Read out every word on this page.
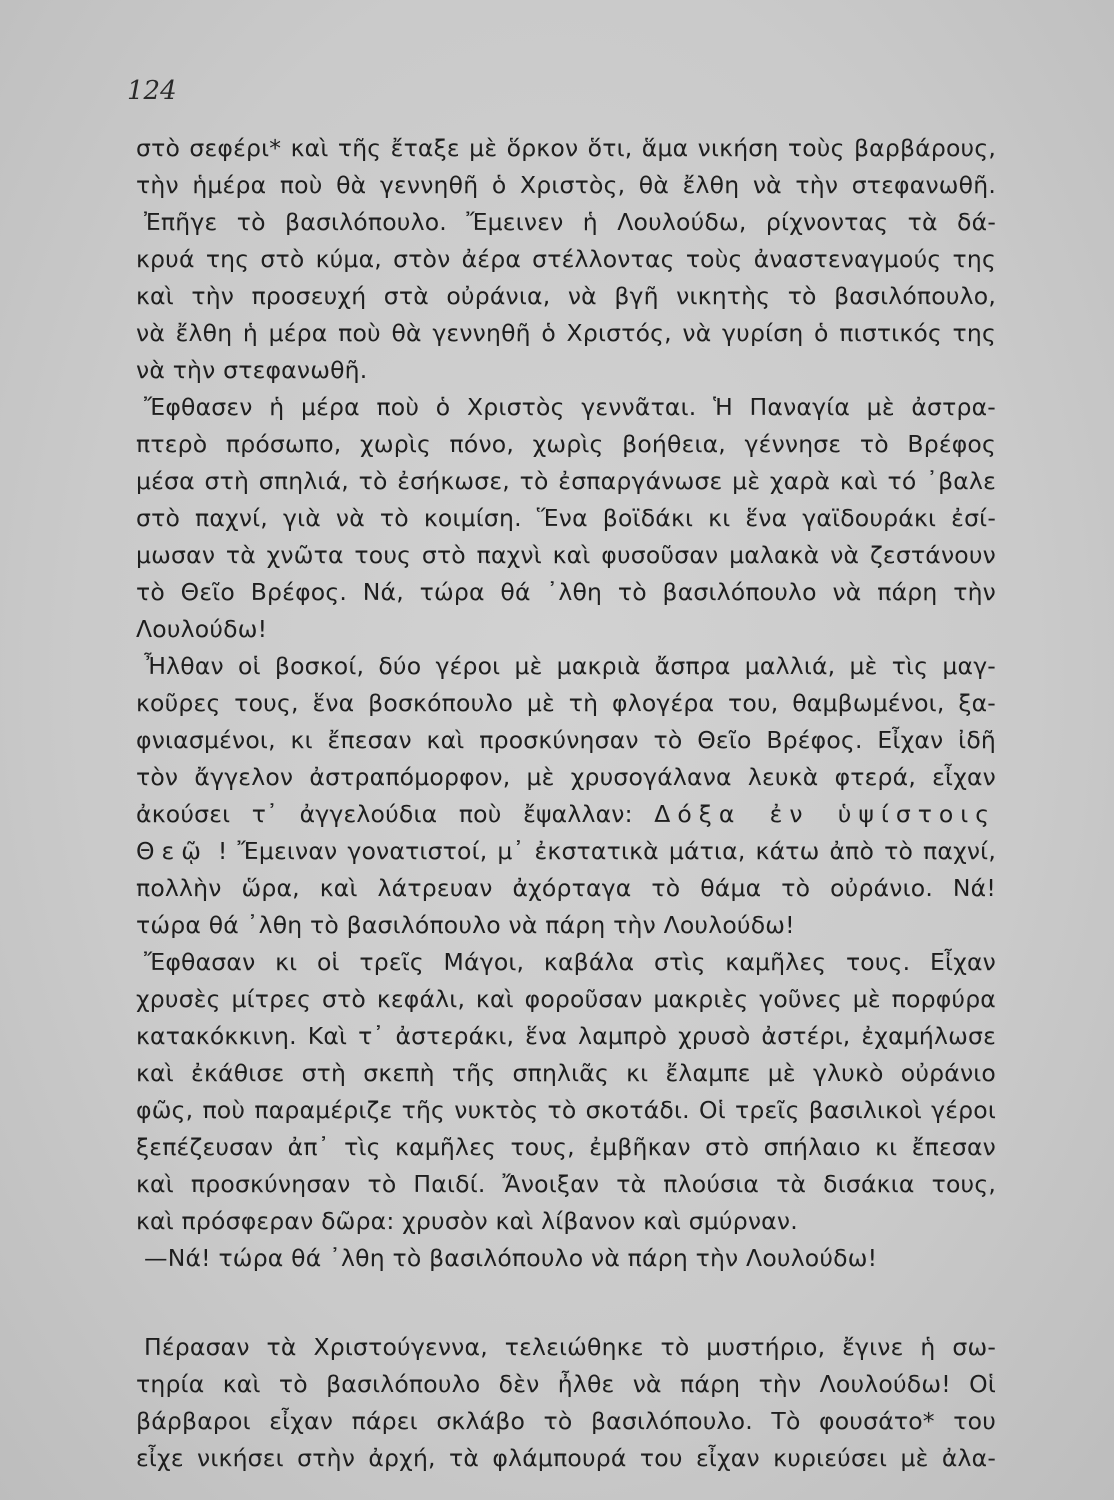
124

στὸ σεφέρι* καὶ τῆς ἔταξε μὲ ὅρκον ὅτι, ἅμα νικήση τοὺς βαρβάρους,
τὴν ἡμέρα ποὺ θὰ γεννηθῆ ὁ Χριστὸς, θὰ ἔλθη νὰ τὴν στεφανωθῆ.
Ἐπῆγε τὸ βασιλόπουλο. Ἔμεινεν ἡ Λουλούδω, ρίχνοντας τὰ δά-
κρυά της στὸ κύμα, στὸν ἀέρα στέλλοντας τοὺς ἀναστεναγμούς της
καὶ τὴν προσευχή στὰ οὐράνια, νὰ βγῆ νικητὴς τὸ βασιλόπουλο,
νὰ ἔλθη ἡ μέρα ποὺ θὰ γεννηθῆ ὁ Χριστός, νὰ γυρίση ὁ πιστικός της
νὰ τὴν στεφανωθῆ.
Ἔφθασεν ἡ μέρα ποὺ ὁ Χριστὸς γεννᾶται. Ἡ Παναγία μὲ ἀστρα-
πτερὸ πρόσωπο, χωρὶς πόνο, χωρὶς βοήθεια, γέννησε τὸ Βρέφος
μέσα στὴ σπηλιά, τὸ ἐσήκωσε, τὸ ἐσπαργάνωσε μὲ χαρὰ καὶ τό ᾽βαλε
στὸ παχνί, γιὰ νὰ τὸ κοιμίση. Ἕνα βοϊδάκι κι ἕνα γαϊδουράκι ἐσί-
μωσαν τὰ χνῶτα τους στὸ παχνὶ καὶ φυσοῦσαν μαλακὰ νὰ ζεστάνουν
τὸ Θεῖο Βρέφος. Νά, τώρα θά ᾽λθη τὸ βασιλόπουλο νὰ πάρη τὴν
Λουλούδω!
Ἦλθαν οἱ βοσκοί, δύο γέροι μὲ μακριὰ ἄσπρα μαλλιά, μὲ τὶς μαγ-
κοῦρες τους, ἕνα βοσκόπουλο μὲ τὴ φλογέρα του, θαμβωμένοι, ξα-
φνιασμένοι, κι ἔπεσαν καὶ προσκύνησαν τὸ Θεῖο Βρέφος. Εἶχαν ἰδῆ
τὸν ἄγγελον ἀστραπόμορφον, μὲ χρυσογάλανα λευκὰ φτερά, εἶχαν
ἀκούσει τ᾽ ἀγγελούδια ποὺ ἔψαλλαν: Δόξα ἐν ὑψίστοις
Θεῷ ! Ἔμειναν γονατιστοί, μ᾽ ἐκστατικὰ μάτια, κάτω ἀπὸ τὸ παχνί,
πολλὴν ὥρα, καὶ λάτρευαν ἀχόρταγα τὸ θάμα τὸ οὐράνιο. Νά!
τώρα θά ᾽λθη τὸ βασιλόπουλο νὰ πάρη τὴν Λουλούδω!
Ἔφθασαν κι οἱ τρεῖς Μάγοι, καβάλα στὶς καμῆλες τους. Εἶχαν
χρυσὲς μίτρες στὸ κεφάλι, καὶ φοροῦσαν μακριὲς γοῦνες μὲ πορφύρα
κατακόκκινη. Καὶ τ᾽ ἀστεράκι, ἕνα λαμπρὸ χρυσὸ ἀστέρι, ἐχαμήλωσε
καὶ ἐκάθισε στὴ σκεπὴ τῆς σπηλιᾶς κι ἔλαμπε μὲ γλυκὸ οὐράνιο
φῶς, ποὺ παραμέριζε τῆς νυκτὸς τὸ σκοτάδι. Οἱ τρεῖς βασιλικοὶ γέροι
ξεπέζευσαν ἀπ᾽ τὶς καμῆλες τους, ἐμβῆκαν στὸ σπήλαιο κι ἔπεσαν
καὶ προσκύνησαν τὸ Παιδί. Ἄνοιξαν τὰ πλούσια τὰ δισάκια τους,
καὶ πρόσφεραν δῶρα: χρυσὸν καὶ λίβανον καὶ σμύρναν.
—Νά! τώρα θά ᾽λθη τὸ βασιλόπουλο νὰ πάρη τὴν Λουλούδω!
Πέρασαν τὰ Χριστούγεννα, τελειώθηκε τὸ μυστήριο, ἔγινε ἡ σω-
τηρία καὶ τὸ βασιλόπουλο δὲν ἦλθε νὰ πάρη τὴν Λουλούδω! Οἱ
βάρβαροι εἶχαν πάρει σκλάβο τὸ βασιλόπουλο. Τὸ φουσάτο* του
εἶχε νικήσει στὴν ἀρχή, τὰ φλάμπουρά του εἶχαν κυριεύσει μὲ ἀλα-
